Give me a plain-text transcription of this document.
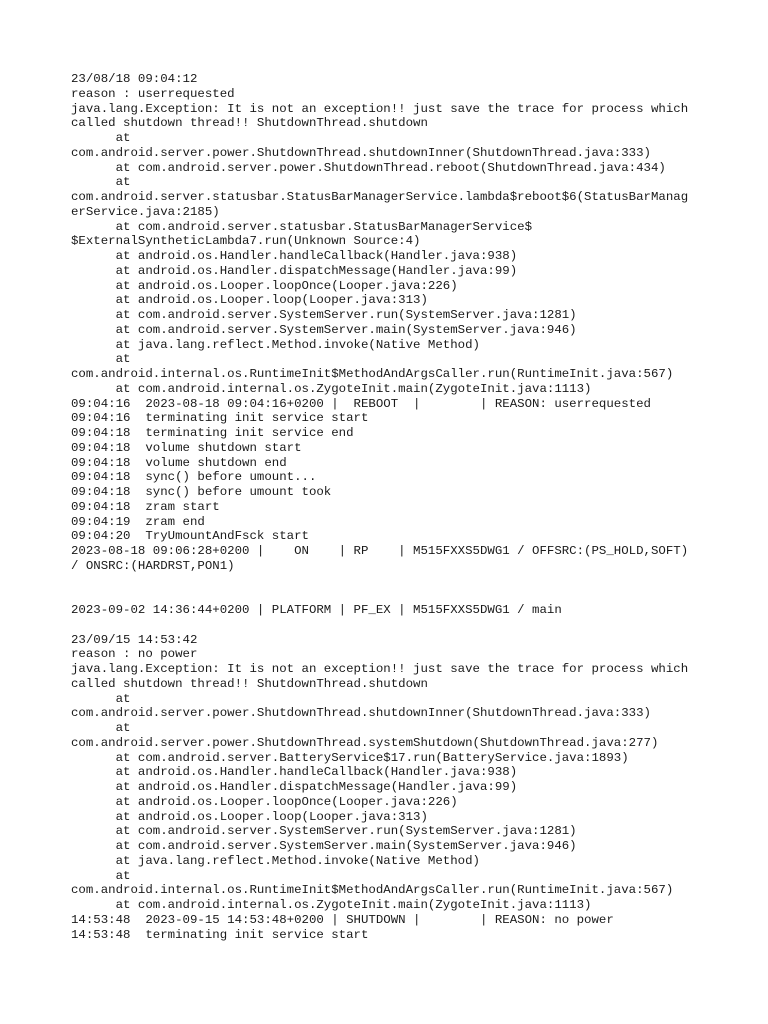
23/08/18 09:04:12
reason : userrequested
java.lang.Exception: It is not an exception!! just save the trace for process which
called shutdown thread!! ShutdownThread.shutdown
at
com.android.server.power.ShutdownThread.shutdownInner(ShutdownThread.java:333)
at com.android.server.power.ShutdownThread.reboot(ShutdownThread.java:434)
at
com.android.server.statusbar.StatusBarManagerService.lambda$reboot$6(StatusBarManag
erService.java:2185)
at com.android.server.statusbar.StatusBarManagerService$
$ExternalSyntheticLambda7.run(Unknown Source:4)
at android.os.Handler.handleCallback(Handler.java:938)
at android.os.Handler.dispatchMessage(Handler.java:99)
at android.os.Looper.loopOnce(Looper.java:226)
at android.os.Looper.loop(Looper.java:313)
at com.android.server.SystemServer.run(SystemServer.java:1281)
at com.android.server.SystemServer.main(SystemServer.java:946)
at java.lang.reflect.Method.invoke(Native Method)
at
com.android.internal.os.RuntimeInit$MethodAndArgsCaller.run(RuntimeInit.java:567)
at com.android.internal.os.ZygoteInit.main(ZygoteInit.java:1113)
09:04:16  2023-08-18 09:04:16+0200 |  REBOOT  |        | REASON: userrequested
09:04:16  terminating init service start
09:04:18  terminating init service end
09:04:18  volume shutdown start
09:04:18  volume shutdown end
09:04:18  sync() before umount...
09:04:18  sync() before umount took
09:04:18  zram start
09:04:19  zram end
09:04:20  TryUmountAndFsck start
2023-08-18 09:06:28+0200 |    ON    | RP    | M515FXXS5DWG1 / OFFSRC:(PS_HOLD,SOFT)
/ ONSRC:(HARDRST,PON1)
2023-09-02 14:36:44+0200 | PLATFORM | PF_EX | M515FXXS5DWG1 / main
23/09/15 14:53:42
reason : no power
java.lang.Exception: It is not an exception!! just save the trace for process which
called shutdown thread!! ShutdownThread.shutdown
at
com.android.server.power.ShutdownThread.shutdownInner(ShutdownThread.java:333)
at
com.android.server.power.ShutdownThread.systemShutdown(ShutdownThread.java:277)
at com.android.server.BatteryService$17.run(BatteryService.java:1893)
at android.os.Handler.handleCallback(Handler.java:938)
at android.os.Handler.dispatchMessage(Handler.java:99)
at android.os.Looper.loopOnce(Looper.java:226)
at android.os.Looper.loop(Looper.java:313)
at com.android.server.SystemServer.run(SystemServer.java:1281)
at com.android.server.SystemServer.main(SystemServer.java:946)
at java.lang.reflect.Method.invoke(Native Method)
at
com.android.internal.os.RuntimeInit$MethodAndArgsCaller.run(RuntimeInit.java:567)
at com.android.internal.os.ZygoteInit.main(ZygoteInit.java:1113)
14:53:48  2023-09-15 14:53:48+0200 | SHUTDOWN |        | REASON: no power
14:53:48  terminating init service start
